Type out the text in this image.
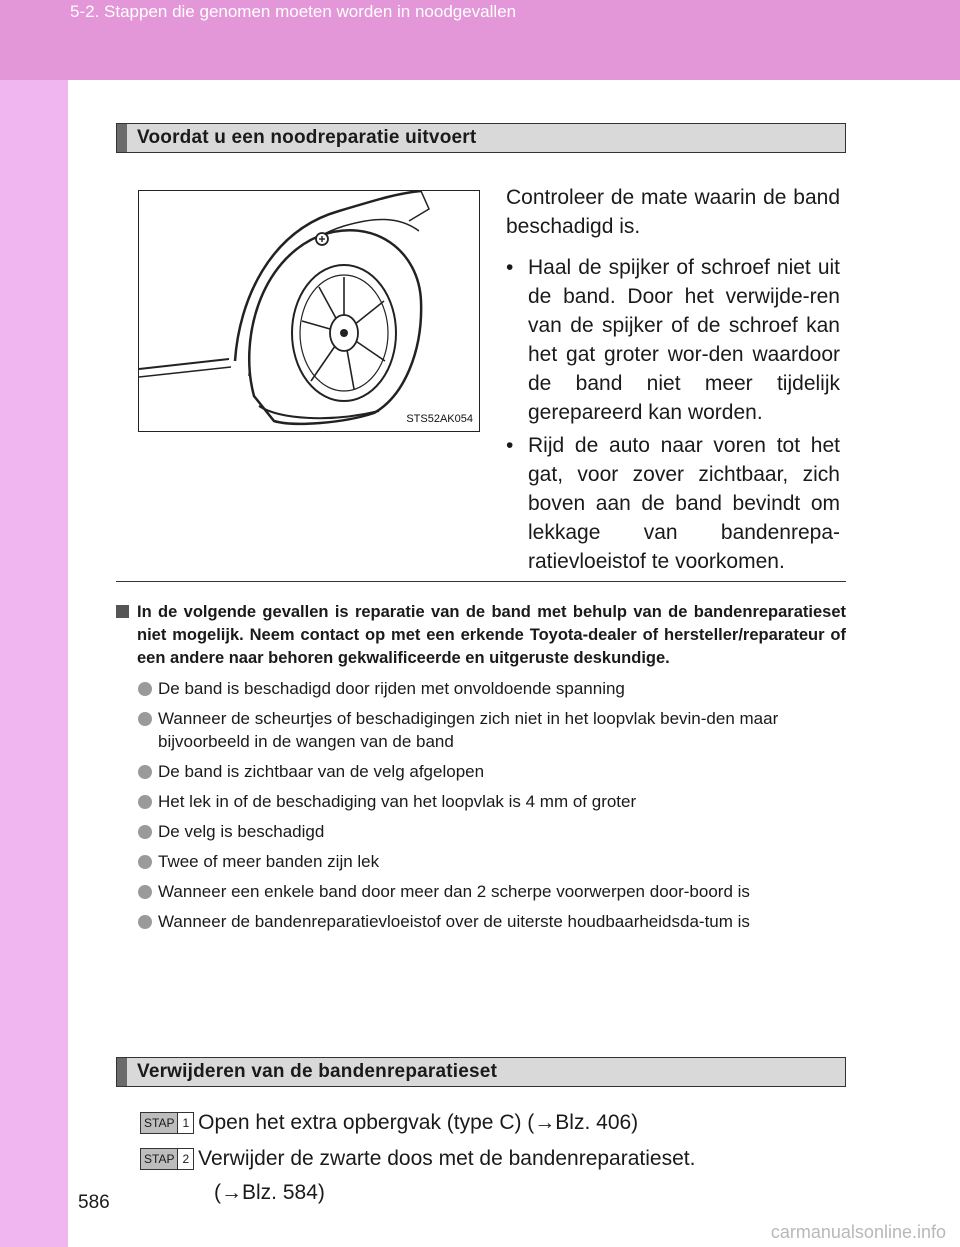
5-2. Stappen die genomen moeten worden in noodgevallen
Voordat u een noodreparatie uitvoert
STS52AK054

Controleer de mate waarin de band beschadigd is.

• Haal de spijker of schroef niet uit de band. Door het verwijde-ren van de spijker of de schroef kan het gat groter wor-den waardoor de band niet meer tijdelijk gerepareerd kan worden.
• Rijd de auto naar voren tot het gat, voor zover zichtbaar, zich boven aan de band bevindt om lekkage van bandenrepa-ratievloeistof te voorkomen.
In de volgende gevallen is reparatie van de band met behulp van de bandenreparatieset niet mogelijk. Neem contact op met een erkende Toyota-dealer of hersteller/reparateur of een andere naar behoren gekwalificeerde en uitgeruste deskundige.
De band is beschadigd door rijden met onvoldoende spanning
Wanneer de scheurtjes of beschadigingen zich niet in het loopvlak bevin-den maar bijvoorbeeld in de wangen van de band
De band is zichtbaar van de velg afgelopen
Het lek in of de beschadiging van het loopvlak is 4 mm of groter
De velg is beschadigd
Twee of meer banden zijn lek
Wanneer een enkele band door meer dan 2 scherpe voorwerpen door-boord is
Wanneer de bandenreparatievloeistof over de uiterste houdbaarheidsda-tum is
Verwijderen van de bandenreparatieset
STAP 1 Open het extra opbergvak (type C) (→Blz. 406)
STAP 2 Verwijder de zwarte doos met de bandenreparatieset.
(→Blz. 584)
586
carmanualsonline.info
